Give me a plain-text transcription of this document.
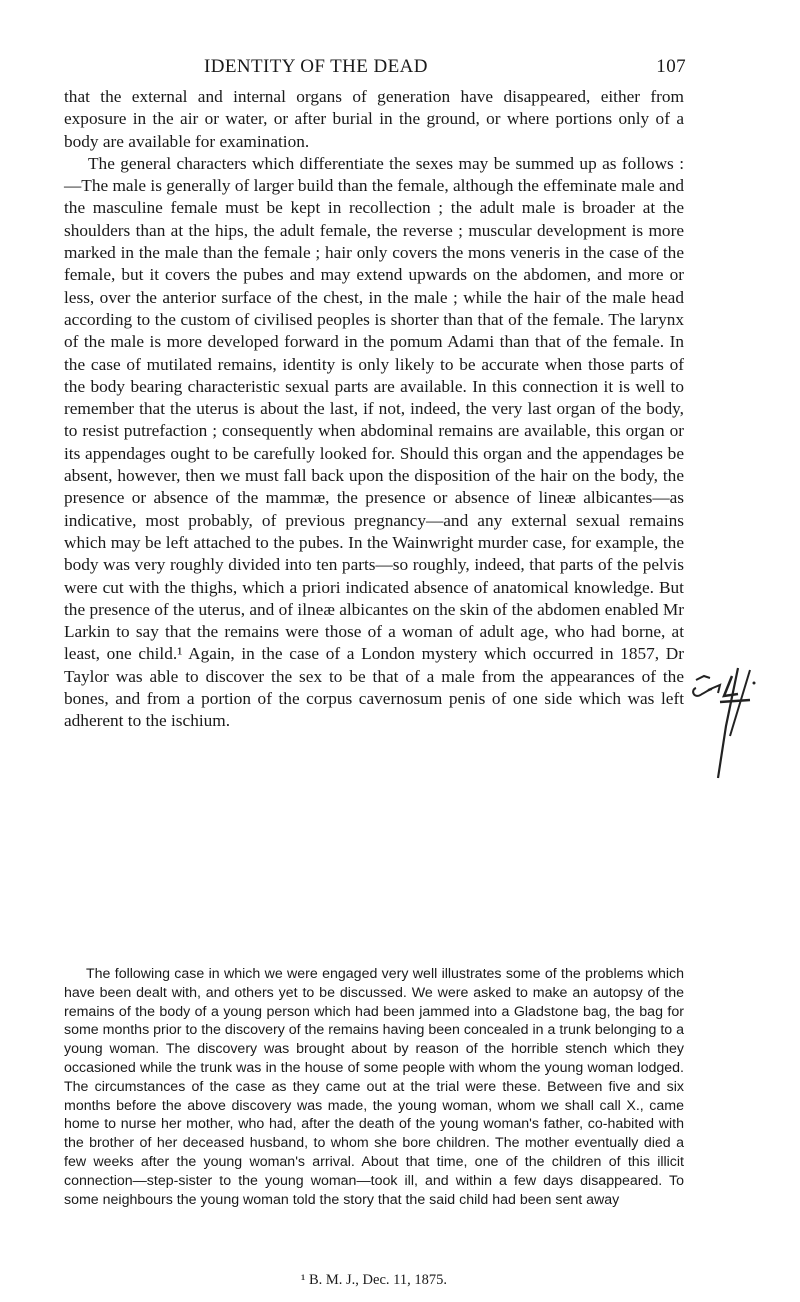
IDENTITY OF THE DEAD	107

that the external and internal organs of generation have disappeared, either from exposure in the air or water, or after burial in the ground, or where portions only of a body are available for examination.

The general characters which differentiate the sexes may be summed up as follows :—The male is generally of larger build than the female, although the effeminate male and the masculine female must be kept in recollection ; the adult male is broader at the shoulders than at the hips, the adult female, the reverse ; muscular development is more marked in the male than the female ; hair only covers the mons veneris in the case of the female, but it covers the pubes and may extend upwards on the abdomen, and more or less, over the anterior surface of the chest, in the male ; while the hair of the male head according to the custom of civilised peoples is shorter than that of the female. The larynx of the male is more developed forward in the pomum Adami than that of the female. In the case of mutilated remains, identity is only likely to be accurate when those parts of the body bearing characteristic sexual parts are available. In this connection it is well to remember that the uterus is about the last, if not, indeed, the very last organ of the body, to resist putrefaction ; consequently when abdominal remains are available, this organ or its appendages ought to be carefully looked for. Should this organ and the appendages be absent, however, then we must fall back upon the disposition of the hair on the body, the presence or absence of the mammæ, the presence or absence of lineæ albicantes—as indicative, most probably, of previous pregnancy—and any external sexual remains which may be left attached to the pubes. In the Wainwright murder case, for example, the body was very roughly divided into ten parts—so roughly, indeed, that parts of the pelvis were cut with the thighs, which a priori indicated absence of anatomical knowledge. But the presence of the uterus, and of ilneæ albicantes on the skin of the abdomen enabled Mr Larkin to say that the remains were those of a woman of adult age, who had borne, at least, one child.¹ Again, in the case of a London mystery which occurred in 1857, Dr Taylor was able to discover the sex to be that of a male from the appearances of the bones, and from a portion of the corpus cavernosum penis of one side which was left adherent to the ischium.

The following case in which we were engaged very well illustrates some of the problems which have been dealt with, and others yet to be discussed. We were asked to make an autopsy of the remains of the body of a young person which had been jammed into a Gladstone bag, the bag for some months prior to the discovery of the remains having been concealed in a trunk belonging to a young woman. The discovery was brought about by reason of the horrible stench which they occasioned while the trunk was in the house of some people with whom the young woman lodged. The circumstances of the case as they came out at the trial were these. Between five and six months before the above discovery was made, the young woman, whom we shall call X., came home to nurse her mother, who had, after the death of the young woman's father, co-habited with the brother of her deceased husband, to whom she bore children. The mother eventually died a few weeks after the young woman's arrival. About that time, one of the children of this illicit connection—step-sister to the young woman—took ill, and within a few days disappeared. To some neighbours the young woman told the story that the said child had been sent away

¹ B. M. J., Dec. 11, 1875.
